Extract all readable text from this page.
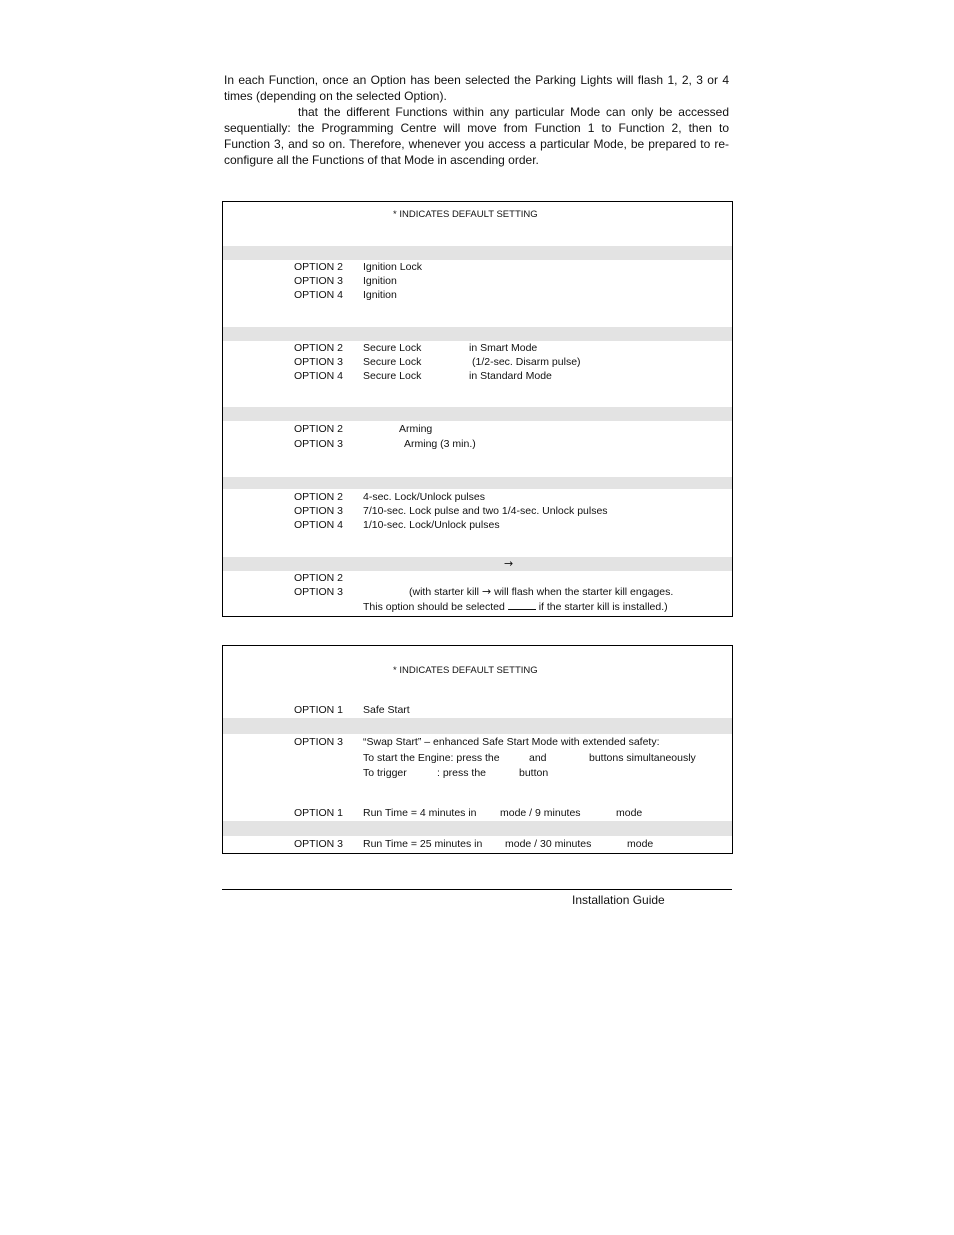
In each Function, once an Option has been selected the Parking Lights will flash 1, 2, 3 or 4 times (depending on the selected Option).

that the different Functions within any particular Mode can only be accessed sequentially: the Programming Centre will move from Function 1 to Function 2, then to Function 3, and so on. Therefore, whenever you access a particular Mode, be prepared to re-configure all the Functions of that Mode in ascending order.

* INDICATES DEFAULT SETTING
OPTION 2 Ignition Lock
OPTION 3 Ignition
OPTION 4 Ignition
OPTION 2 Secure Lock	in Smart Mode
OPTION 3 Secure Lock	(1/2-sec. Disarm pulse)
OPTION 4 Secure Lock	in Standard Mode
OPTION 2	Arming
OPTION 3	Arming (3 min.)
OPTION 2 4-sec. Lock/Unlock pulses
OPTION 3 7/10-sec. Lock pulse and two 1/4-sec. Unlock pulses
OPTION 4 1/10-sec. Lock/Unlock pulses
→
OPTION 2
OPTION 3	(with starter kill → will flash when the starter kill engages.
This option should be selected	if the starter kill is installed.)
* INDICATES DEFAULT SETTING
OPTION 1 Safe Start
OPTION 3 “Swap Start” – enhanced Safe Start Mode with extended safety:
To start the Engine: press the	and	buttons simultaneously
To trigger	: press the	button
OPTION 1 Run Time = 4 minutes in mode / 9 minutes	mode
OPTION 3 Run Time = 25 minutes in mode / 30 minutes	mode
Installation Guide
